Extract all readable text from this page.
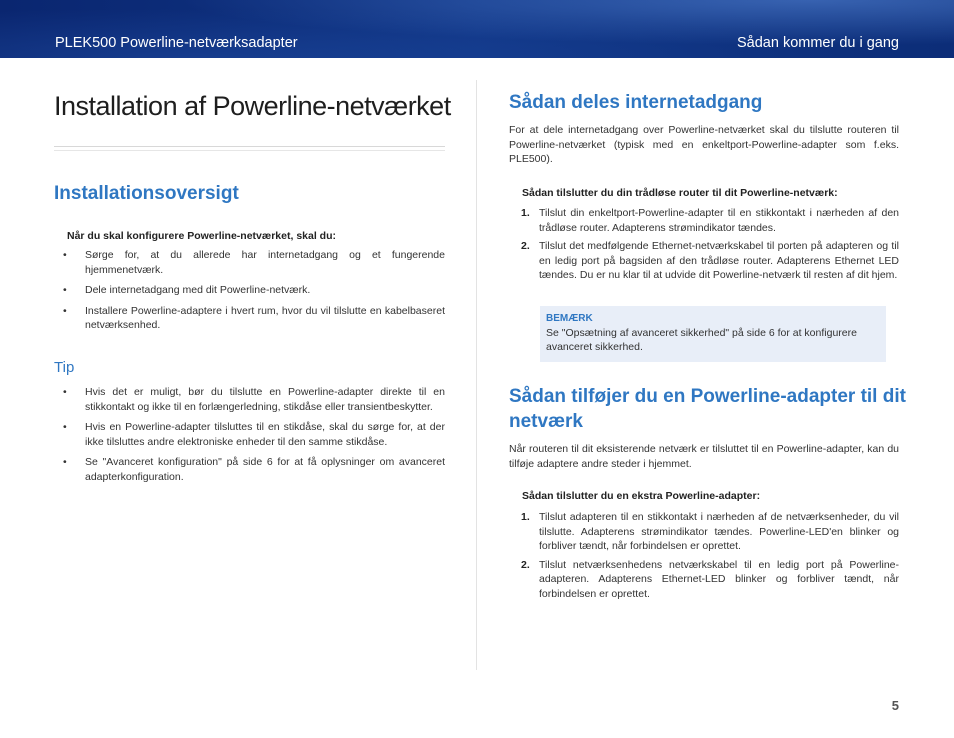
PLEK500 Powerline-netværksadapter	Sådan kommer du i gang
Installation af Powerline-netværket
Installationsoversigt

Når du skal konfigurere Powerline-netværket, skal du:

• Sørge for, at du allerede har internetadgang og et fungerende hjemmenetværk.
• Dele internetadgang med dit Powerline-netværk.
• Installere Powerline-adaptere i hvert rum, hvor du vil tilslutte en kabelbaseret netværksenhed.
Tip
• Hvis det er muligt, bør du tilslutte en Powerline-adapter direkte til en stikkontakt og ikke til en forlængerledning, stikdåse eller transientbeskytter.
• Hvis en Powerline-adapter tilsluttes til en stikdåse, skal du sørge for, at der ikke tilsluttes andre elektroniske enheder til den samme stikdåse.
• Se "Avanceret konfiguration" på side 6 for at få oplysninger om avanceret adapterkonfiguration.
Sådan deles internetadgang

For at dele internetadgang over Powerline-netværket skal du tilslutte routeren til Powerline-netværket (typisk med en enkeltport-Powerline-adapter som f.eks. PLE500).

Sådan tilslutter du din trådløse router til dit Powerline-netværk:

1. Tilslut din enkeltport-Powerline-adapter til en stikkontakt i nærheden af den trådløse router. Adapterens strømindikator tændes.
2. Tilslut det medfølgende Ethernet-netværkskabel til porten på adapteren og til en ledig port på bagsiden af den trådløse router. Adapterens Ethernet LED tændes. Du er nu klar til at udvide dit Powerline-netværk til resten af dit hjem.
BEMÆRK
Se "Opsætning af avanceret sikkerhed" på side 6 for at konfigurere avanceret sikkerhed.
Sådan tilføjer du en Powerline-adapter til dit netværk

Når routeren til dit eksisterende netværk er tilsluttet til en Powerline-adapter, kan du tilføje adaptere andre steder i hjemmet.

Sådan tilslutter du en ekstra Powerline-adapter:

1. Tilslut adapteren til en stikkontakt i nærheden af de netværksenheder, du vil tilslutte. Adapterens strømindikator tændes. Powerline-LED'en blinker og forbliver tændt, når forbindelsen er oprettet.
2. Tilslut netværksenhedens netværkskabel til en ledig port på Powerline-adapteren. Adapterens Ethernet-LED blinker og forbliver tændt, når forbindelsen er oprettet.
5
